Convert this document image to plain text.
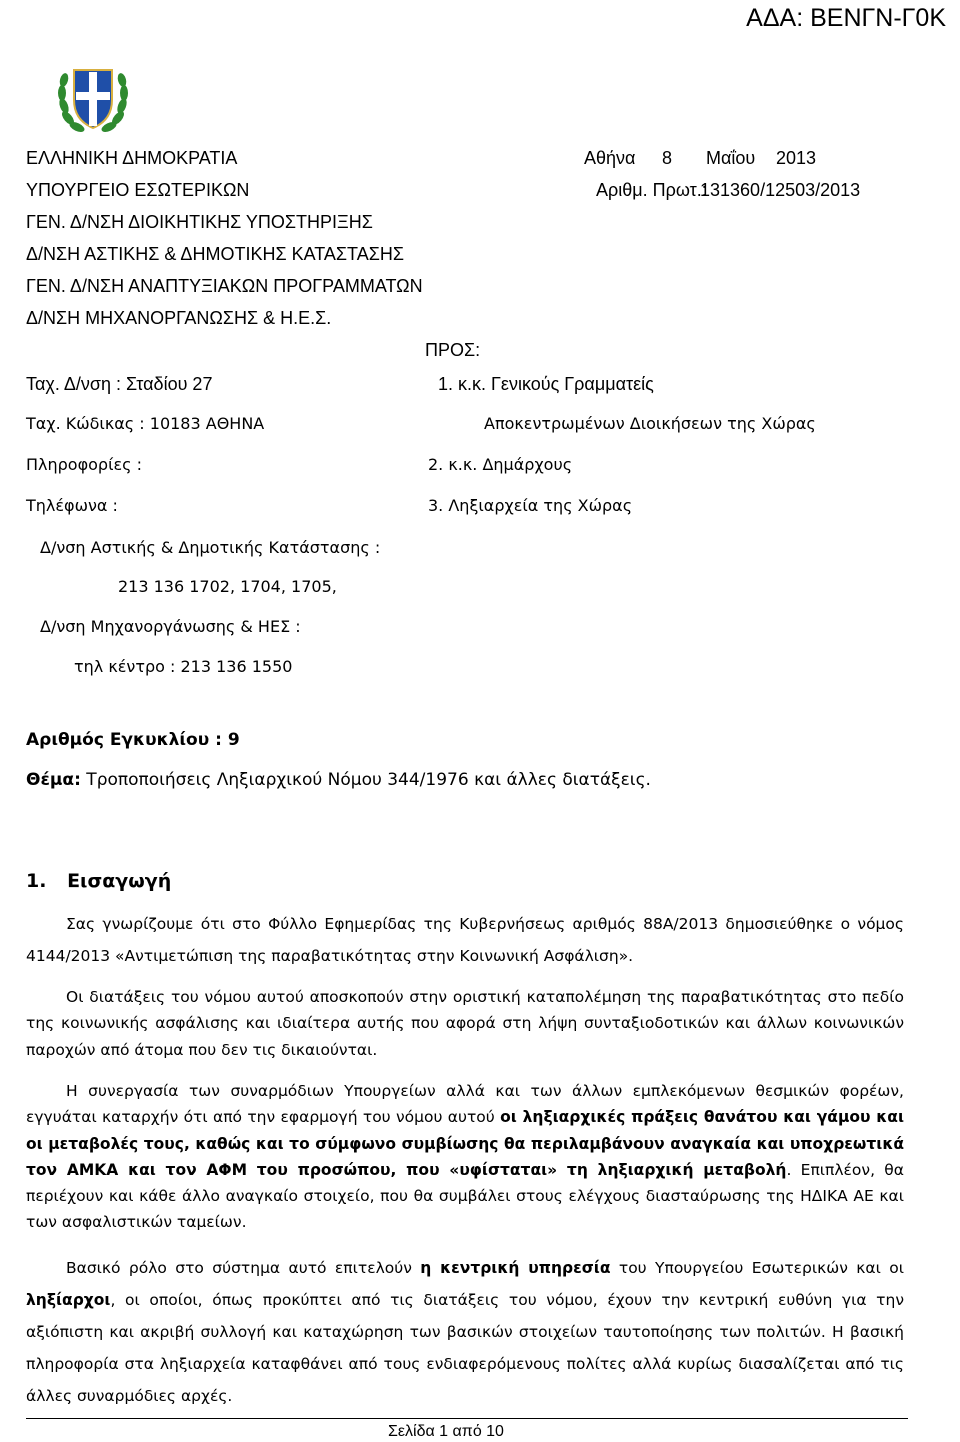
ΑΔΑ: ΒΕΝΓΝ-Γ0Κ
ΕΛΛΗΝΙΚΗ ΔΗΜΟΚΡΑΤΙΑ
ΥΠΟΥΡΓΕΙΟ ΕΣΩΤΕΡΙΚΩΝ
ΓΕΝ. Δ/ΝΣΗ ΔΙΟΙΚΗΤΙΚΗΣ ΥΠΟΣΤΗΡΙΞΗΣ
Δ/ΝΣΗ ΑΣΤΙΚΗΣ & ΔΗΜΟΤΙΚΗΣ ΚΑΤΑΣΤΑΣΗΣ
ΓΕΝ. Δ/ΝΣΗ ΑΝΑΠΤΥΞΙΑΚΩΝ ΠΡΟΓΡΑΜΜΑΤΩΝ
Δ/ΝΣΗ ΜΗΧΑΝΟΡΓΑΝΩΣΗΣ & Η.Ε.Σ.
Αθήνα 8 Μαΐου 2013
Αριθμ. Πρωτ.:
131360/12503/2013
ΠΡΟΣ:
Ταχ. Δ/νση : Σταδίου 27
Ταχ. Κώδικας : 10183 ΑΘΗΝΑ
Πληροφορίες :
Τηλέφωνα :
Δ/νση Αστικής & Δημοτικής Κατάστασης :
213 136 1702, 1704, 1705,
Δ/νση Μηχανοργάνωσης & ΗΕΣ :
τηλ κέντρο : 213 136 1550
1. κ.κ. Γενικούς Γραμματείς
Αποκεντρωμένων Διοικήσεων της Χώρας
2. κ.κ. Δημάρχους
3. Ληξιαρχεία της Χώρας
Αριθμός Εγκυκλίου : 9
Θέμα: Τροποποιήσεις Ληξιαρχικού Νόμου 344/1976 και άλλες διατάξεις.
1. Εισαγωγή

Σας γνωρίζουμε ότι στο Φύλλο Εφημερίδας της Κυβερνήσεως αριθμός 88Α/2013 δημοσιεύθηκε ο νόμος 4144/2013 «Αντιμετώπιση της παραβατικότητας στην Κοινωνική Ασφάλιση».

Οι διατάξεις του νόμου αυτού αποσκοπούν στην οριστική καταπολέμηση της παραβατικότητας στο πεδίο της κοινωνικής ασφάλισης και ιδιαίτερα αυτής που αφορά στη λήψη συνταξιοδοτικών και άλλων κοινωνικών παροχών από άτομα που δεν τις δικαιούνται.

Η συνεργασία των συναρμόδιων Υπουργείων αλλά και των άλλων εμπλεκόμενων θεσμικών φορέων, εγγυάται καταρχήν ότι από την εφαρμογή του νόμου αυτού οι ληξιαρχικές πράξεις θανάτου και γάμου και οι μεταβολές τους, καθώς και το σύμφωνο συμβίωσης θα περιλαμβάνουν αναγκαία και υποχρεωτικά τον ΑΜΚΑ και τον ΑΦΜ του προσώπου, που «υφίσταται» τη ληξιαρχική μεταβολή. Επιπλέον, θα περιέχουν και κάθε άλλο αναγκαίο στοιχείο, που θα συμβάλει στους ελέγχους διασταύρωσης της ΗΔΙΚΑ ΑΕ και των ασφαλιστικών ταμείων.

Βασικό ρόλο στο σύστημα αυτό επιτελούν η κεντρική υπηρεσία του Υπουργείου Εσωτερικών και οι ληξίαρχοι, οι οποίοι, όπως προκύπτει από τις διατάξεις του νόμου, έχουν την κεντρική ευθύνη για την αξιόπιστη και ακριβή συλλογή και καταχώρηση των βασικών στοιχείων ταυτοποίησης των πολιτών. Η βασική πληροφορία στα ληξιαρχεία καταφθάνει από τους ενδιαφερόμενους πολίτες αλλά κυρίως διασαλίζεται από τις άλλες συναρμόδιες αρχές.

Σελίδα 1 από 10
